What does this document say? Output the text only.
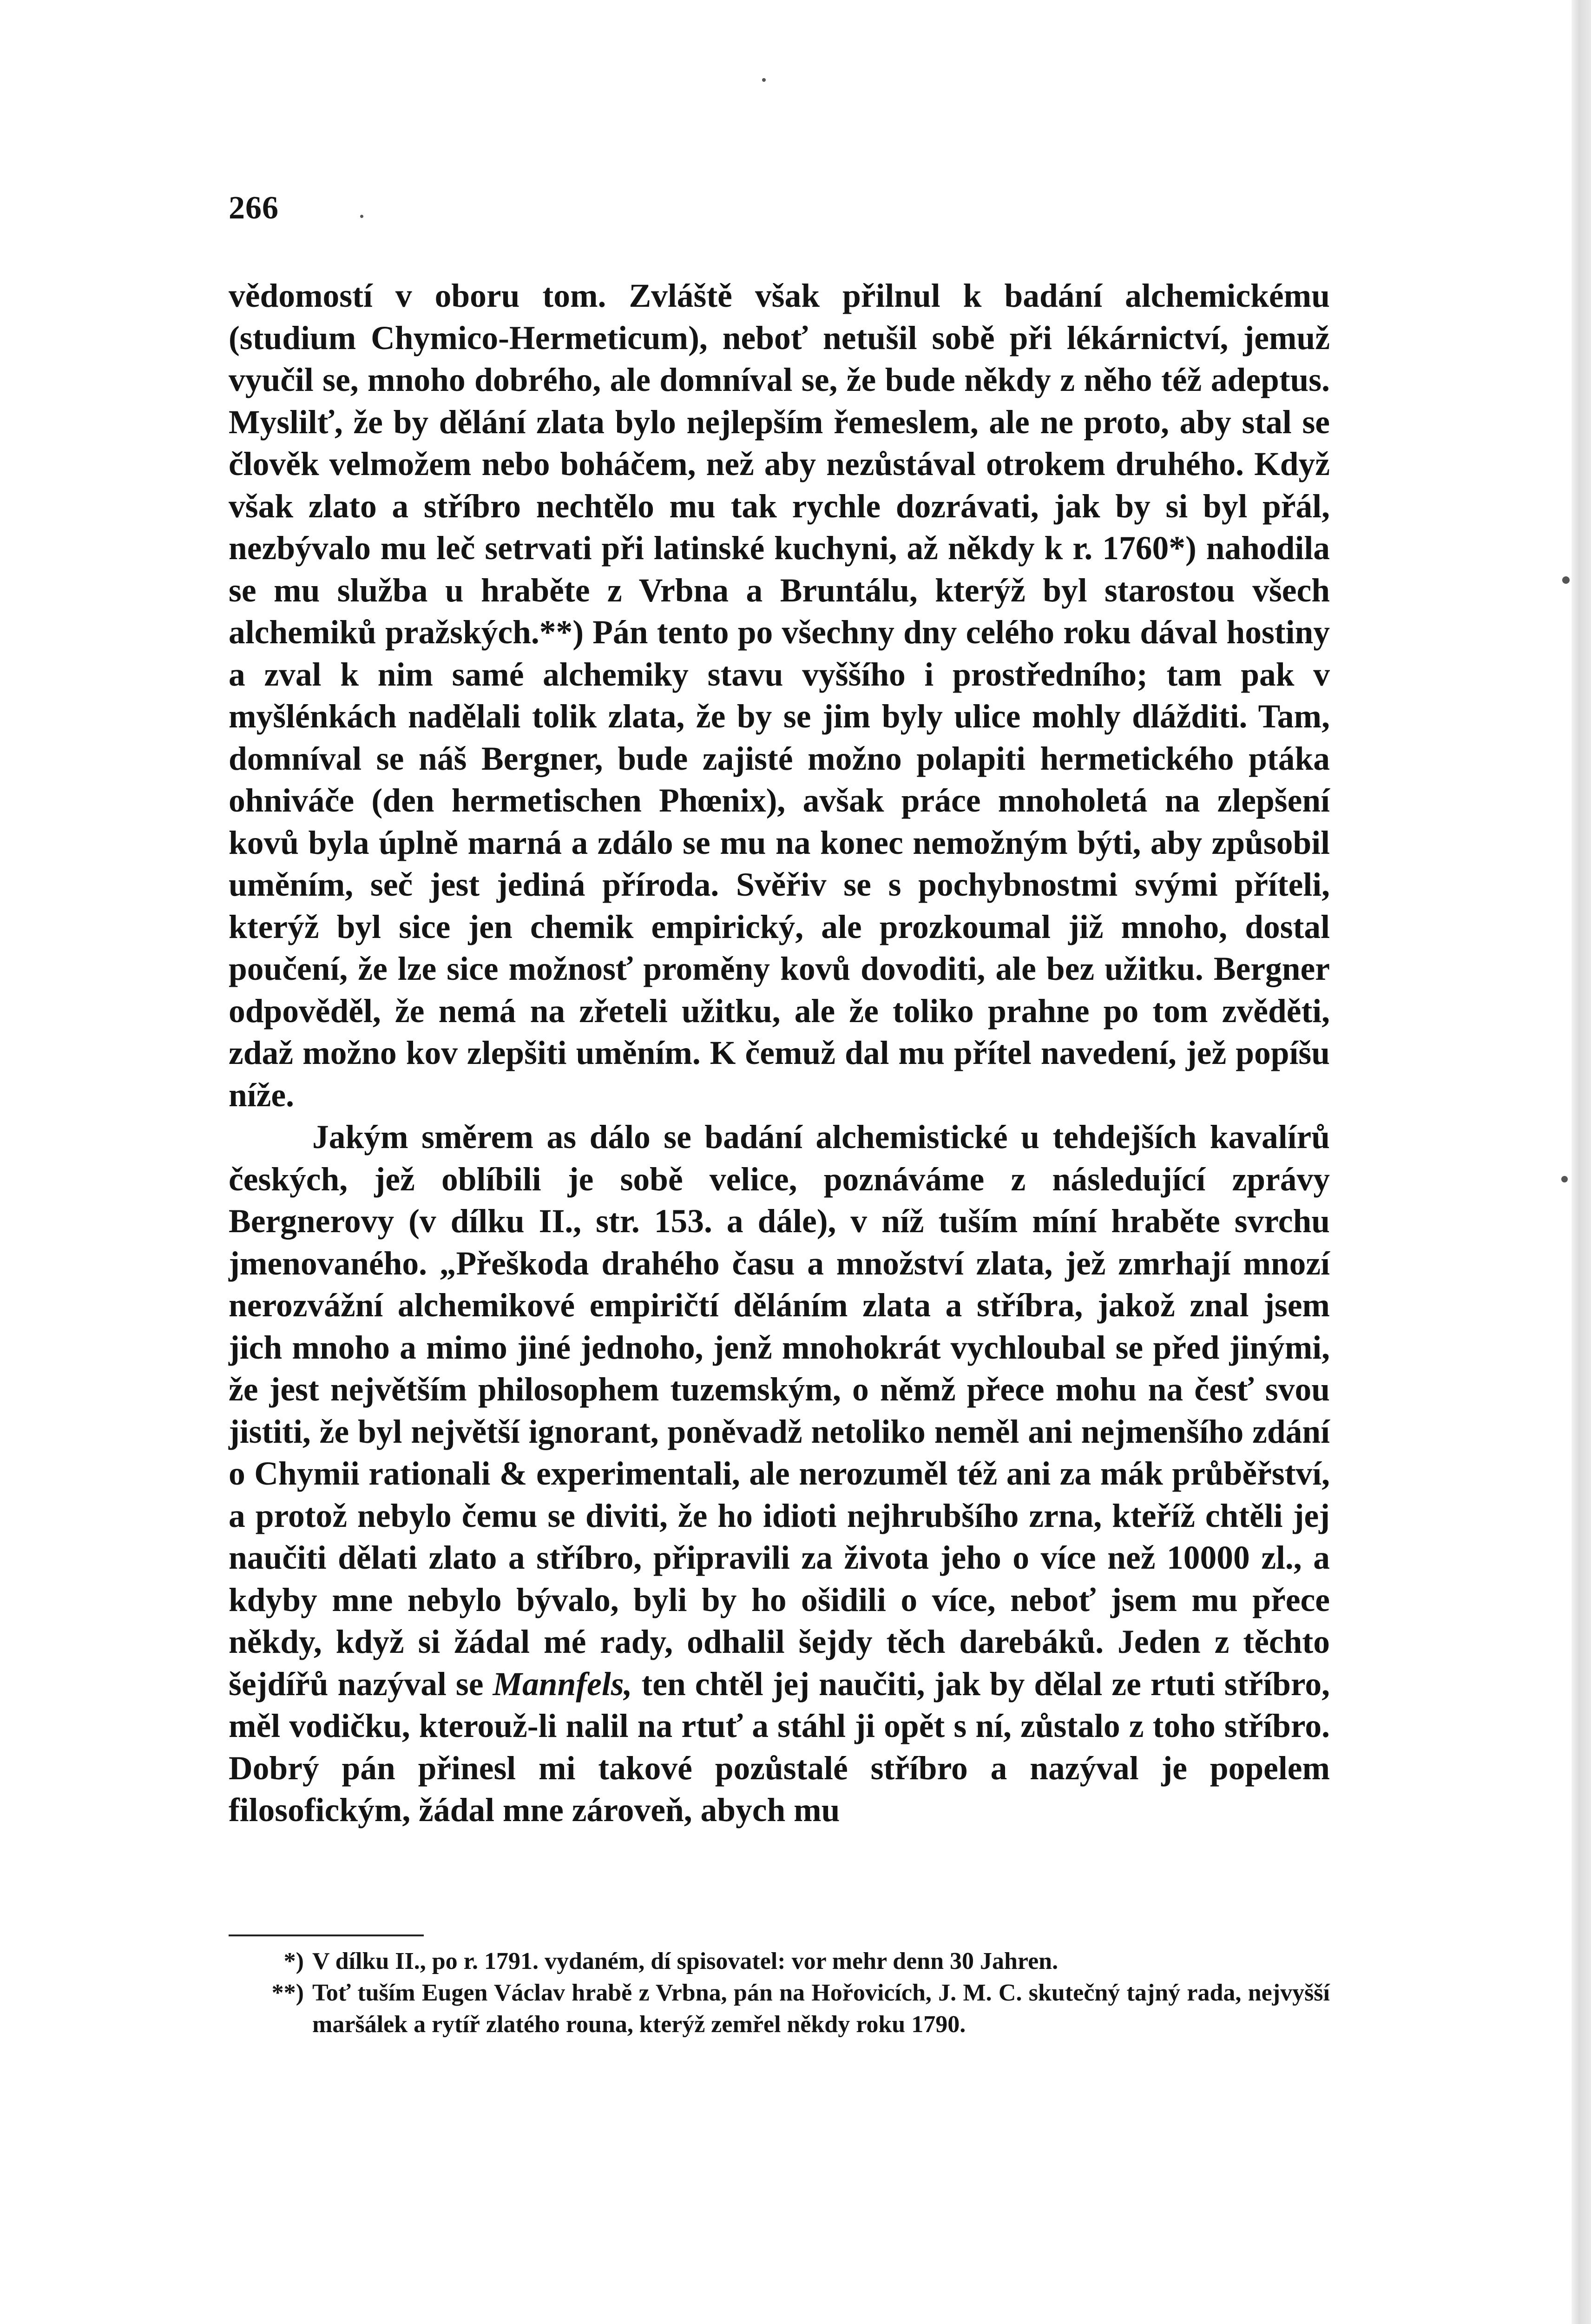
266

vědomostí v oboru tom. Zvláště však přilnul k badání alchemickému (studium Chymico-Hermeticum), neboť netušil sobě při lékárnictví, jemuž vyučil se, mnoho dobrého, ale domníval se, že bude někdy z něho též adeptus. Myslilť, že by dělání zlata bylo nejlepším řemeslem, ale ne proto, aby stal se člověk velmožem nebo boháčem, než aby nezůstával otrokem druhého. Když však zlato a stříbro nechtělo mu tak rychle dozrávati, jak by si byl přál, nezbývalo mu leč setrvati při latinské kuchyni, až někdy k r. 1760*) nahodila se mu služba u hraběte z Vrbna a Bruntálu, kterýž byl starostou všech alchemiků pražských.**) Pán tento po všechny dny celého roku dával hostiny a zval k nim samé alchemiky stavu vyššího i prostředního; tam pak v myšlénkách nadělali tolik zlata, že by se jim byly ulice mohly dlážditi. Tam, domníval se náš Bergner, bude zajisté možno polapiti hermetického ptáka ohniváče (den hermetischen Phœnix), avšak práce mnoholetá na zlepšení kovů byla úplně marná a zdálo se mu na konec nemožným býti, aby způsobil uměním, seč jest jediná příroda. Svěřiv se s pochybnostmi svými příteli, kterýž byl sice jen chemik empirický, ale prozkoumal již mnoho, dostal poučení, že lze sice možnosť proměny kovů dovoditi, ale bez užitku. Bergner odpověděl, že nemá na zřeteli užitku, ale že toliko prahne po tom zvěděti, zdaž možno kov zlepšiti uměním. K čemuž dal mu přítel navedení, jež popíšu níže.

Jakým směrem as dálo se badání alchemistické u tehdejších kavalírů českých, jež oblíbili je sobě velice, poznáváme z následující zprávy Bergnerovy (v dílku II., str. 153. a dále), v níž tuším míní hraběte svrchu jmenovaného. „Přeškoda drahého času a množství zlata, jež zmrhají mnozí nerozvážní alchemikové empiričtí děláním zlata a stříbra, jakož znal jsem jich mnoho a mimo jiné jednoho, jenž mnohokrát vychloubal se před jinými, že jest největším philosophem tuzemským, o němž přece mohu na česť svou jistiti, že byl největší ignorant, poněvadž netoliko neměl ani nejmenšího zdání o Chymii rationali & experimentali, ale nerozuměl též ani za mák průběřství, a protož nebylo čemu se diviti, že ho idioti nejhrubšího zrna, kteříž chtěli jej naučiti dělati zlato a stříbro, připravili za života jeho o více než 10000 zl., a kdyby mne nebylo bývalo, byli by ho ošidili o více, neboť jsem mu přece někdy, když si žádal mé rady, odhalil šejdy těch darebáků. Jeden z těchto šejdířů nazýval se Mannfels, ten chtěl jej naučiti, jak by dělal ze rtuti stříbro, měl vodičku, kterouž-li nalil na rtuť a stáhl ji opět s ní, zůstalo z toho stříbro. Dobrý pán přinesl mi takové pozůstalé stříbro a nazýval je popelem filosofickým, žádal mne zároveň, abych mu

*) V dílku II., po r. 1791. vydaném, dí spisovatel: vor mehr denn 30 Jahren.

**) Toť tuším Eugen Václav hrabě z Vrbna, pán na Hořovicích, J. M. C. skutečný tajný rada, nejvyšší maršálek a rytíř zlatého rouna, kterýž zemřel někdy roku 1790.
